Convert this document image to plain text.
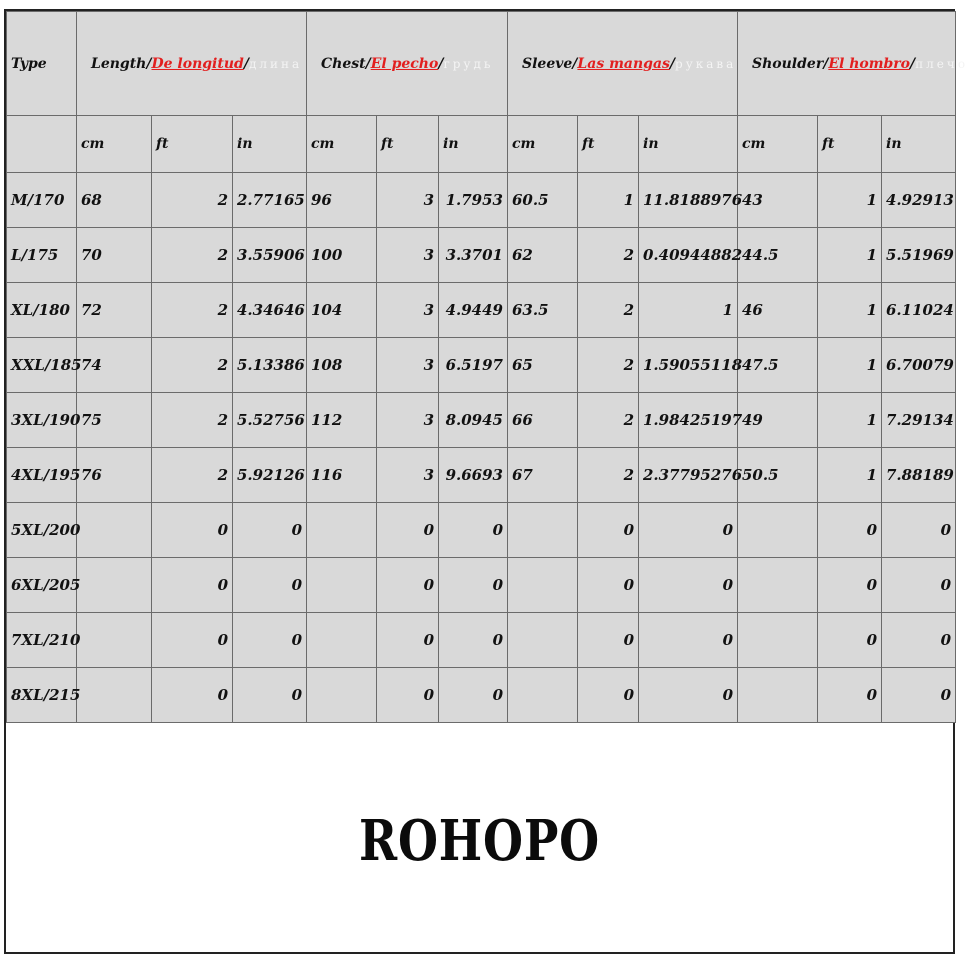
Type	Length/De longitud/длина			Chest/El pecho/грудь			Sleeve/Las mangas/рукава			Shoulder/El hombro/плечо		
	cm	ft	in	cm	ft	in	cm	ft	in	cm	ft	in
M/170	68	2	2.77165	96	3	1.7953	60.5	1	11.8188976	43	1	4.92913
L/175	70	2	3.55906	100	3	3.3701	62	2	0.40944882	44.5	1	5.51969
XL/180	72	2	4.34646	104	3	4.9449	63.5	2	1	46	1	6.11024
XXL/185	74	2	5.13386	108	3	6.5197	65	2	1.59055118	47.5	1	6.70079
3XL/190	75	2	5.52756	112	3	8.0945	66	2	1.98425197	49	1	7.29134
4XL/195	76	2	5.92126	116	3	9.6693	67	2	2.37795276	50.5	1	7.88189
5XL/200		0	0		0	0		0	0		0	0
6XL/205		0	0		0	0		0	0		0	0
7XL/210		0	0		0	0		0	0		0	0
8XL/215		0	0		0	0		0	0		0	0
ROHOPO
